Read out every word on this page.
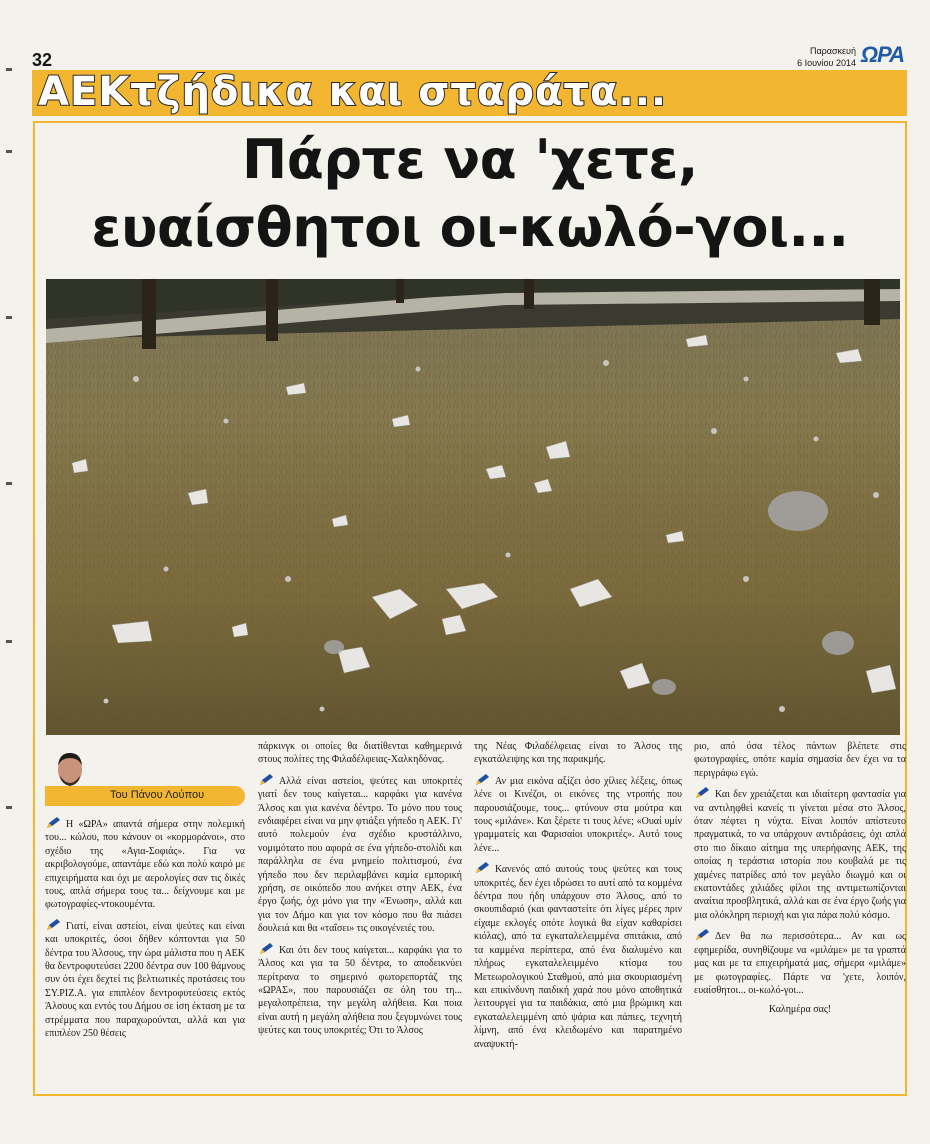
32	Παρασκευή
6 Ιουνίου 2014 ΩΡΑ
ΑΕΚτζήδικα και σταράτα...
Πάρτε να 'χετε,
ευαίσθητοι οι-κωλό-γοι...
Του Πάνου Λούπου

Η «ΩΡΑ» απαντά σήμερα στην πολεμική του... κώλου, που κάνουν οι «κορμοράνοι», στο σχέδιο της «Αγια-Σοφιάς». Για να ακριβολογούμε, απαντάμε εδώ και πολύ καιρό με επιχειρήματα και όχι με αερολογίες σαν τις δικές τους, απλά σήμερα τους τα... δείχνουμε και με φωτογραφίες-ντοκουμέντα.

Γιατί, είναι αστείοι, είναι ψεύτες και είναι και υποκριτές, όσοι δήθεν κόπτονται για 50 δέντρα του Άλσους, την ώρα μάλιστα που η ΑΕΚ θα δεντροφυτεύσει 2200 δέντρα συν 100 θάμνους συν ότι έχει δεχτεί τις βελτιωτικές προτάσεις του ΣΥ.ΡΙΖ.Α. για επιπλέον δεντροφυτεύσεις εκτός Άλσους και εντός του Δήμου σε ίση έκταση με τα στρέμματα που παραχωρούνται, αλλά και για επιπλέον 250 θέσεις

πάρκινγκ οι οποίες θα διατίθενται καθημερινά στους πολίτες της Φιλαδέλφειας-Χαλκηδόνας.

Αλλά είναι αστείοι, ψεύτες και υποκριτές γιατί δεν τους καίγεται... καρφάκι για κανένα Άλσος και για κανένα δέντρο. Το μόνο που τους ενδιαφέρει είναι να μην φτιάξει γήπεδο η ΑΕΚ. Γι' αυτό πολεμούν ένα σχέδιο κρυστάλλινο, νομιμότατο που αφορά σε ένα γήπεδο-στολίδι και παράλληλα σε ένα μνημείο πολιτισμού, ένα γήπεδο που δεν περιλαμβάνει καμία εμπορική χρήση, σε οικόπεδο που ανήκει στην ΑΕΚ, ένα έργο ζωής, όχι μόνο για την «Ένωση», αλλά και για τον Δήμο και για τον κόσμο που θα πιάσει δουλειά και θα «ταΐσει» τις οικογένειές του.

Και ότι δεν τους καίγεται... καρφάκι για το Άλσος και για τα 50 δέντρα, το αποδεικνύει περίτρανα το σημερινό φωτορεπορτάζ της «ΩΡΑΣ», που παρουσιάζει σε όλη του τη... μεγαλοπρέπεια, την μεγάλη αλήθεια. Και ποια είναι αυτή η μεγάλη αλήθεια που ξεγυμνώνει τους ψεύτες και τους υποκριτές; Ότι το Άλσος

της Νέας Φιλαδέλφειας είναι το Άλσος της εγκατάλειψης και της παρακμής.

Αν μια εικόνα αξίζει όσο χίλιες λέξεις, όπως λένε οι Κινέζοι, οι εικόνες της ντροπής που παρουσιάζουμε, τους... φτύνουν στα μούτρα και τους «μιλάνε». Και ξέρετε τι τους λένε; «Ουαί υμίν γραμματείς και Φαρισαίοι υποκριτές». Αυτό τους λένε...

Κανενός από αυτούς τους ψεύτες και τους υποκριτές, δεν έχει ιδρώσει το αυτί από τα κομμένα δέντρα που ήδη υπάρχουν στο Άλσος, από το σκουπιδαριό (και φανταστείτε ότι λίγες μέρες πριν είχαμε εκλογές οπότε λογικά θα είχαν καθαρίσει κιόλας), από τα εγκαταλελειμμένα σπιτάκια, από τα καμμένα περίπτερα, από ένα διαλυμένο και πλήρως εγκαταλελειμμένο κτίσμα του Μετεωρολογικού Σταθμού, από μια σκουριασμένη και επικίνδυνη παιδική χαρά που μόνο αποθητικά λειτουργεί για τα παιδάκια, από μια βρώμικη και εγκαταλελειμμένη από ψάρια και πάπιες, τεχνητή λίμνη, από ένα κλειδωμένο και παρατημένο αναψυκτή-

ριο, από όσα τέλος πάντων βλέπετε στις φωτογραφίες, οπότε καμία σημασία δεν έχει να τα περιγράφω εγώ.

Και δεν χρειάζεται και ιδιαίτερη φαντασία για να αντιληφθεί κανείς τι γίνεται μέσα στο Άλσος, όταν πέφτει η νύχτα. Είναι λοιπόν απίστευτο πραγματικά, το να υπάρχουν αντιδράσεις, όχι απλά στο πιο δίκαιο αίτημα της υπερήφανης ΑΕΚ, της οποίας η τεράστια ιστορία που κουβαλά με τις χαμένες πατρίδες από τον μεγάλο διωγμό και οι εκατοντάδες χιλιάδες φίλοι της αντιμετωπίζονται αναίτια προσβλητικά, αλλά και σε ένα έργο ζωής για μια ολόκληρη περιοχή και για πάρα πολύ κόσμο.

Δεν θα πω περισσότερα... Αν και ως εφημερίδα, συνηθίζουμε να «μιλάμε» με τα γραπτά μας και με τα επιχειρήματά μας, σήμερα «μιλάμε» με φωτογραφίες. Πάρτε να 'χετε, λοιπόν, ευαίσθητοι... οι-κωλό-γοι...

Καλημέρα σας!
